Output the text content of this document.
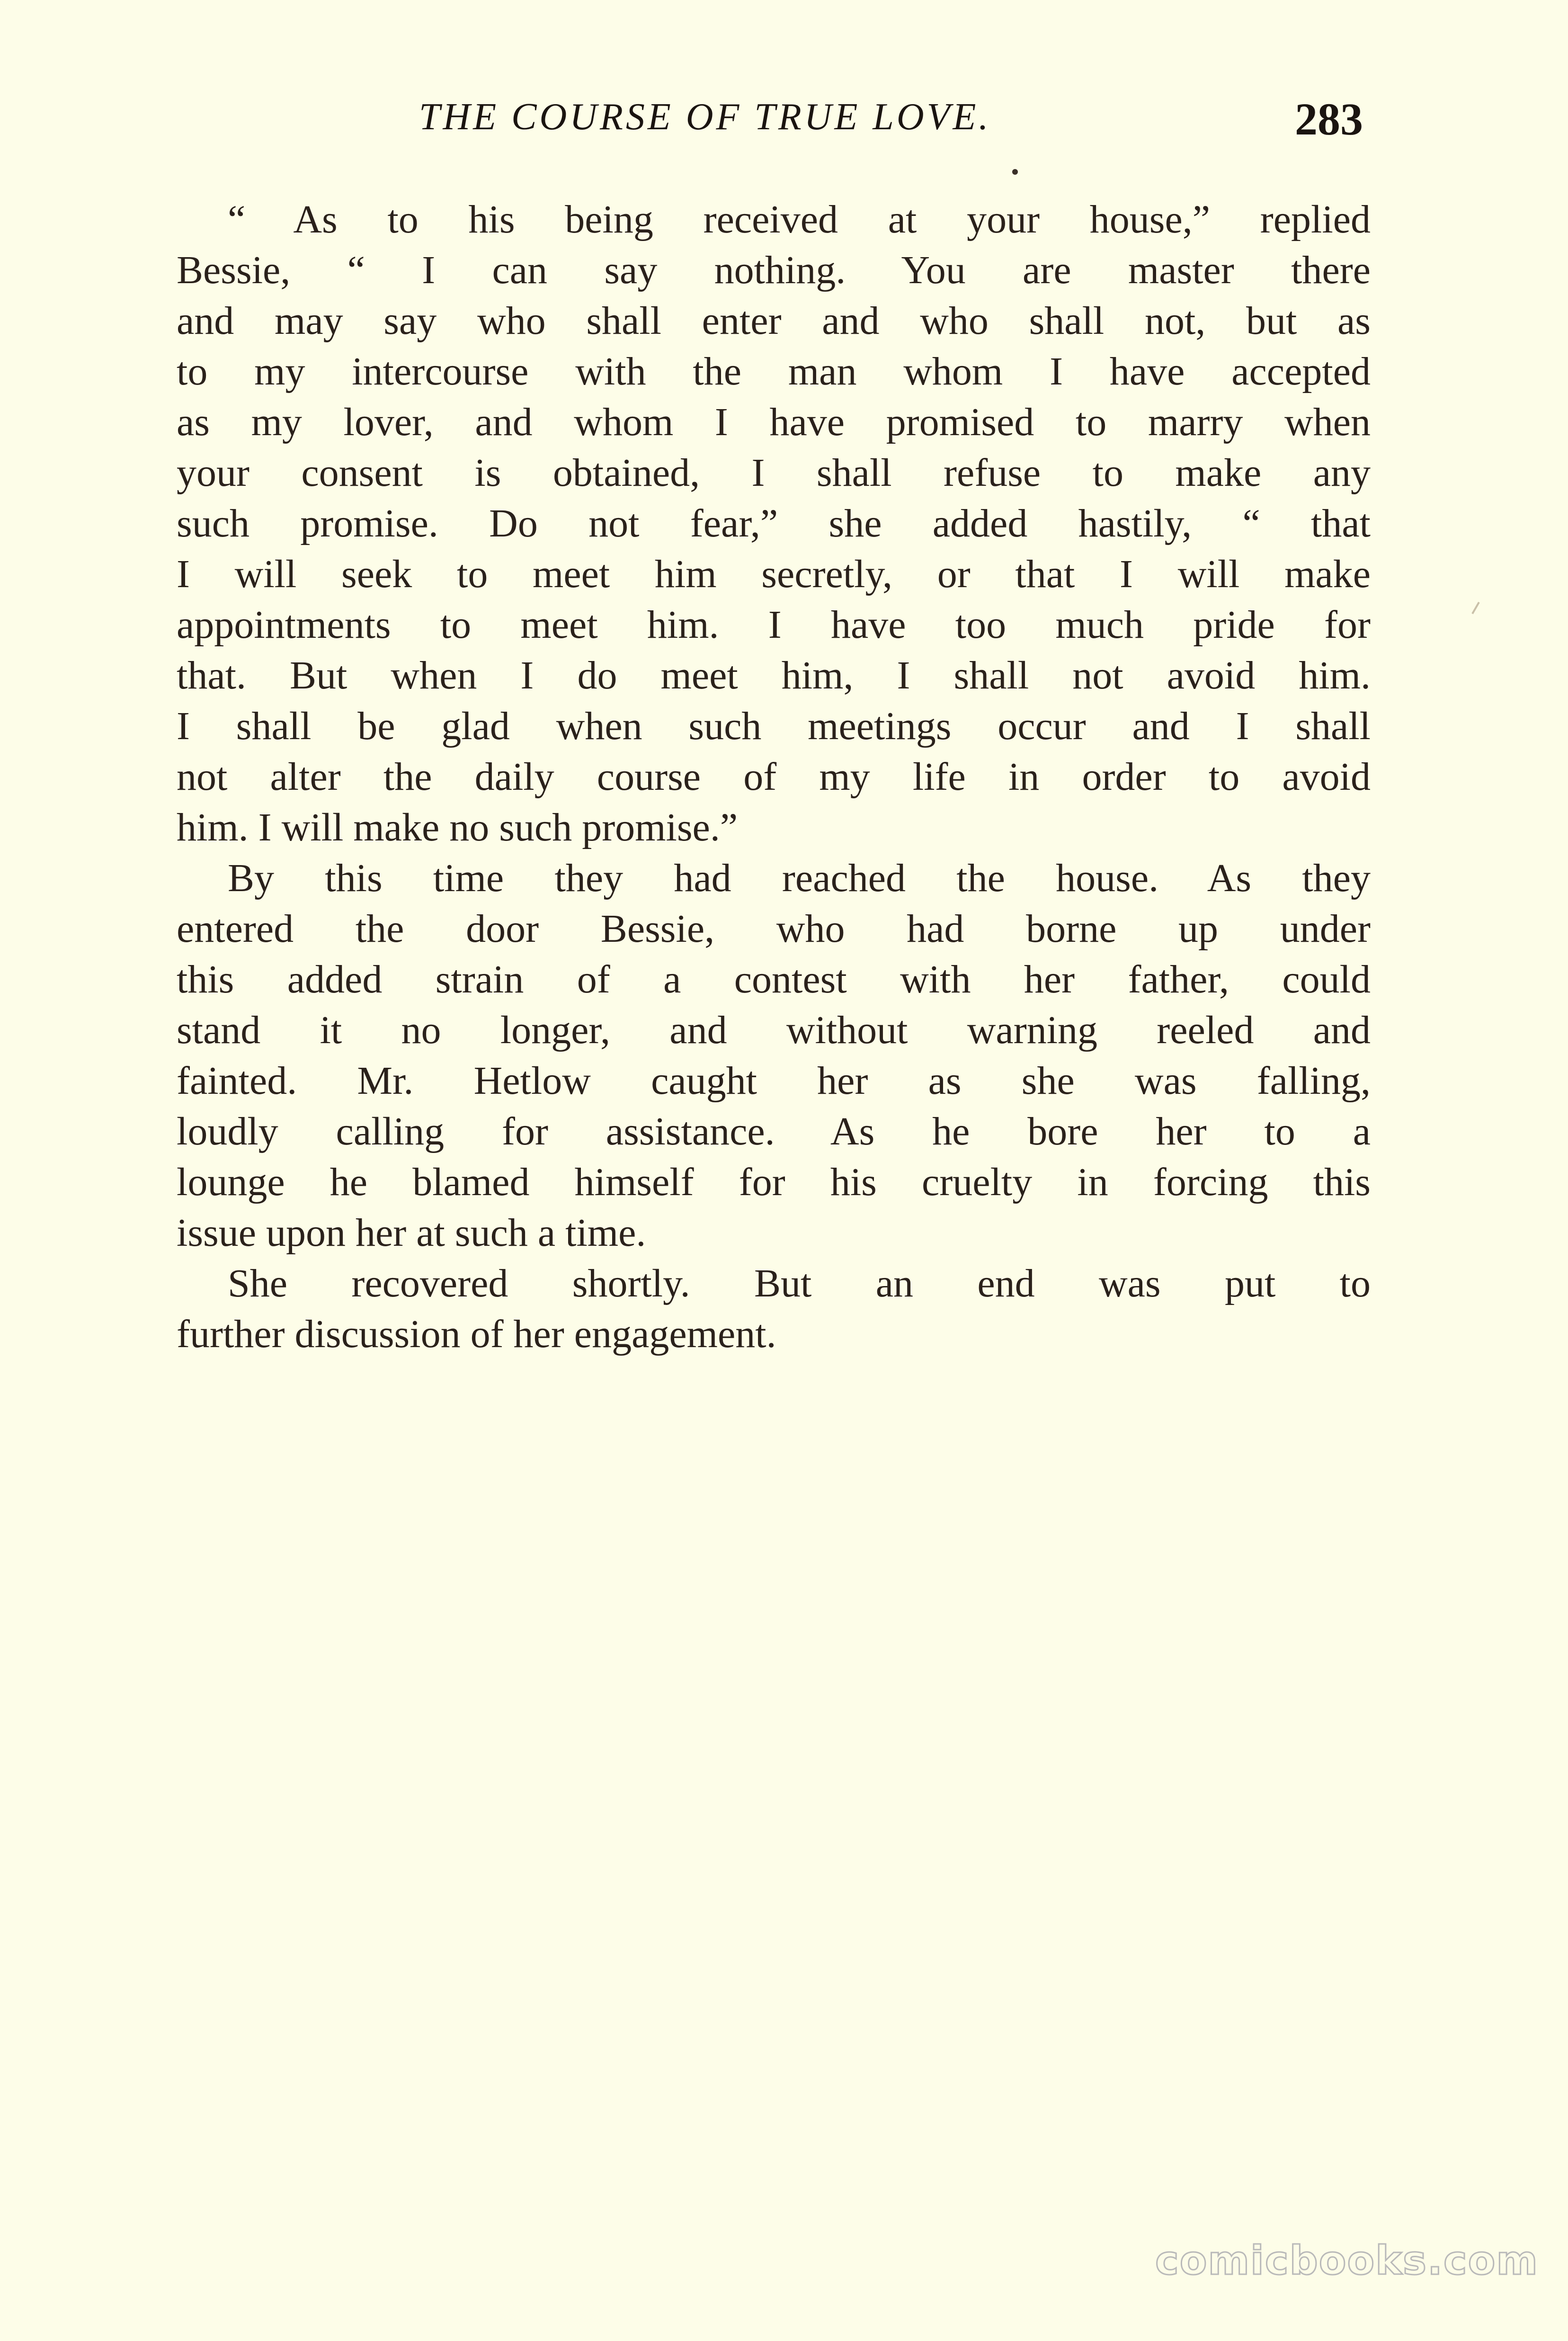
THE COURSE OF TRUE LOVE.	283
“ As to his being received at your house,” replied
Bessie, “ I can say nothing. You are master there
and may say who shall enter and who shall not, but as
to my intercourse with the man whom I have accepted
as my lover, and whom I have promised to marry when
your consent is obtained, I shall refuse to make any
such promise. Do not fear,” she added hastily, “ that
I will seek to meet him secretly, or that I will make
appointments to meet him. I have too much pride for
that. But when I do meet him, I shall not avoid him.
I shall be glad when such meetings occur and I shall
not alter the daily course of my life in order to avoid
him. I will make no such promise.”
By this time they had reached the house. As they
entered the door Bessie, who had borne up under
this added strain of a contest with her father, could
stand it no longer, and without warning reeled and
fainted. Mr. Hetlow caught her as she was falling,
loudly calling for assistance. As he bore her to a
lounge he blamed himself for his cruelty in forcing this
issue upon her at such a time.
She recovered shortly. But an end was put to
further discussion of her engagement.
comicbooks.com
